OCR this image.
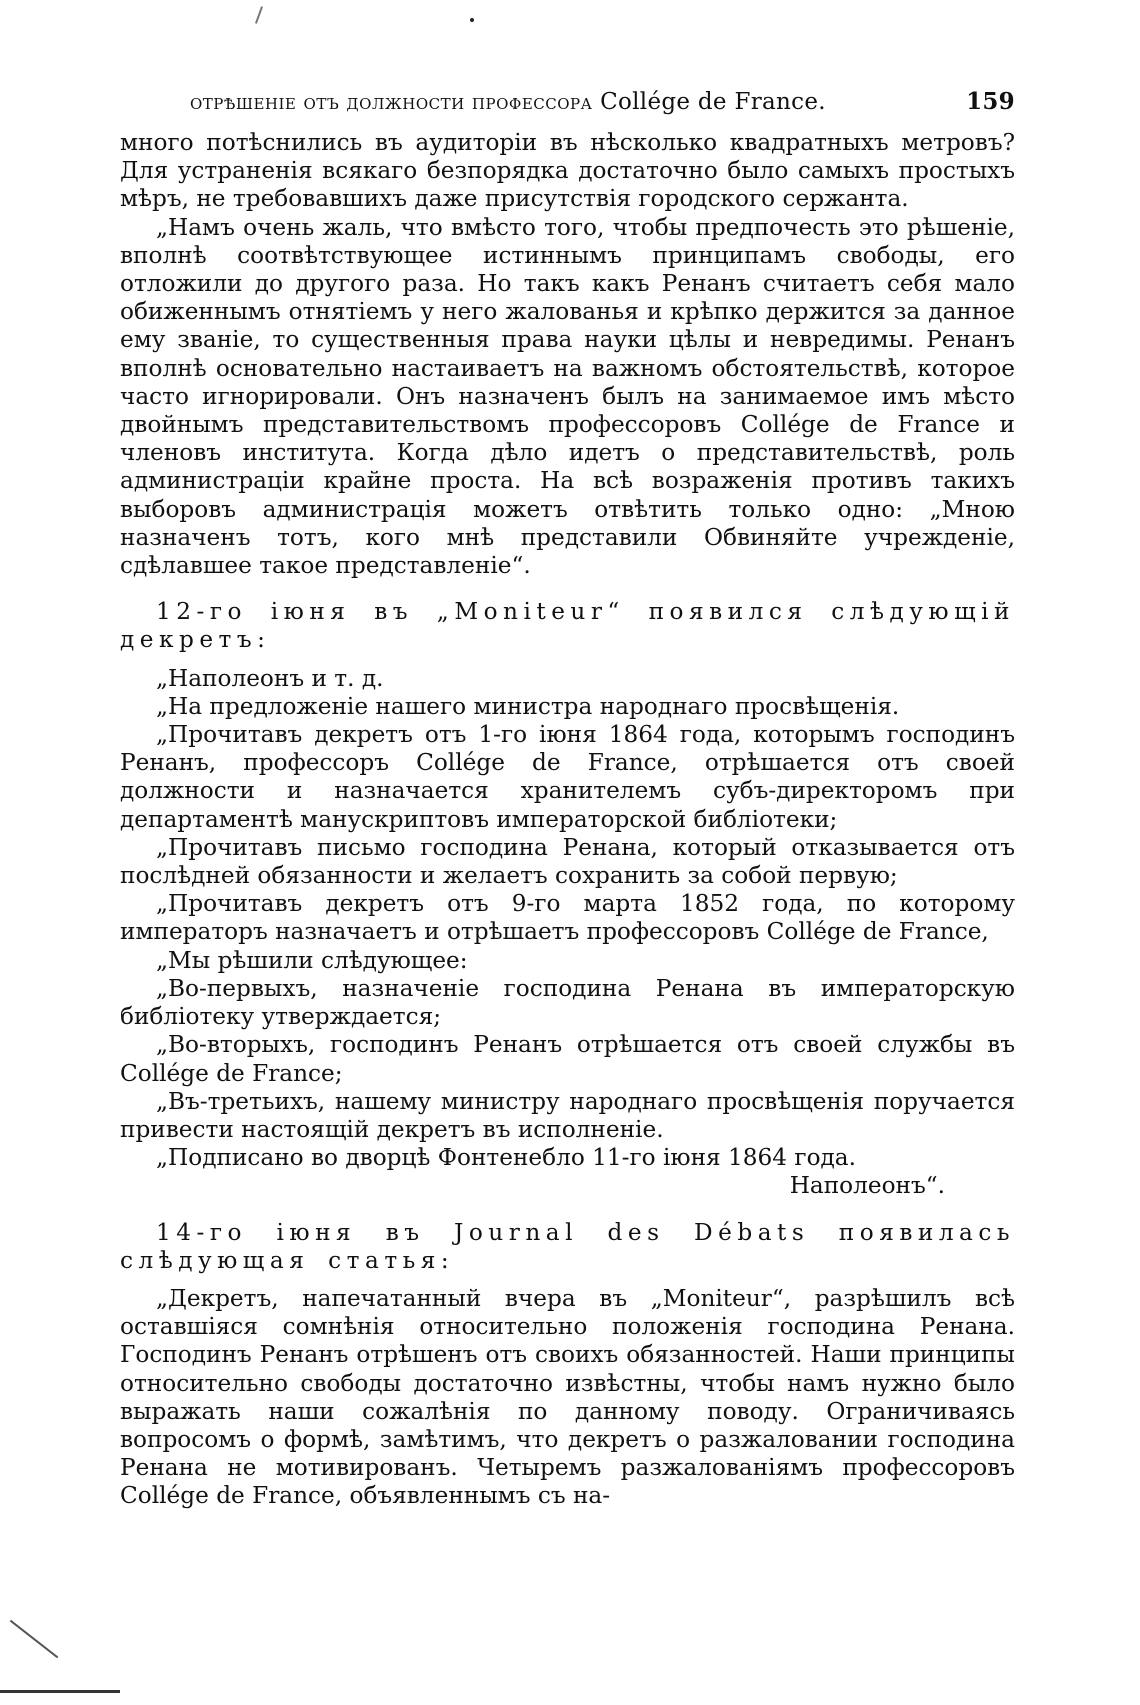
отрѣшеніе отъ должности профессора Collége de France.	159

много потѣснились въ аудиторіи въ нѣсколько квадратныхъ метровъ? Для устраненія всякаго безпорядка достаточно было самыхъ простыхъ мѣръ, не требовавшихъ даже присутствія городского сержанта.

„Намъ очень жаль, что вмѣсто того, чтобы предпочесть это рѣшеніе, вполнѣ соотвѣтствующее истиннымъ принципамъ свободы, его отложили до другого раза. Но такъ какъ Ренанъ считаетъ себя мало обиженнымъ отнятіемъ у него жалованья и крѣпко держится за данное ему званіе, то существенныя права науки цѣлы и невредимы. Ренанъ вполнѣ основательно настаиваетъ на важномъ обстоятельствѣ, которое часто игнорировали. Онъ назначенъ былъ на занимаемое имъ мѣсто двойнымъ представительствомъ профессоровъ Collége de France и членовъ института. Когда дѣло идетъ о представительствѣ, роль администраціи крайне проста. На всѣ возраженія противъ такихъ выборовъ администрація можетъ отвѣтить только одно: „Мною назначенъ тотъ, кого мнѣ представили Обвиняйте учрежденіе, сдѣлавшее такое представленіе“.

12-го іюня въ „Moniteur“ появился слѣдующій декретъ:

„Наполеонъ и т. д.

„На предложеніе нашего министра народнаго просвѣщенія.

„Прочитавъ декретъ отъ 1-го іюня 1864 года, которымъ господинъ Ренанъ, профессоръ Collége de France, отрѣшается отъ своей должности и назначается хранителемъ субъ-директоромъ при департаментѣ манускриптовъ императорской библіотеки;

„Прочитавъ письмо господина Ренана, который отказывается отъ послѣдней обязанности и желаетъ сохранить за собой первую;

„Прочитавъ декретъ отъ 9-го марта 1852 года, по которому императоръ назначаетъ и отрѣшаетъ профессоровъ Collége de France,

„Мы рѣшили слѣдующее:

„Во-первыхъ, назначеніе господина Ренана въ императорскую библіотеку утверждается;

„Во-вторыхъ, господинъ Ренанъ отрѣшается отъ своей службы въ Collége de France;

„Въ-третьихъ, нашему министру народнаго просвѣщенія поручается привести настоящій декретъ въ исполненіе.

„Подписано во дворцѣ Фонтенебло 11-го іюня 1864 года.

Наполеонъ“.

14-го іюня въ Journal des Débats появилась слѣдующая статья:

„Декретъ, напечатанный вчера въ „Moniteur“, разрѣшилъ всѣ оставшіяся сомнѣнія относительно положенія господина Ренана. Господинъ Ренанъ отрѣшенъ отъ своихъ обязанностей. Наши принципы относительно свободы достаточно извѣстны, чтобы намъ нужно было выражать наши сожалѣнія по данному поводу. Ограничиваясь вопросомъ о формѣ, замѣтимъ, что декретъ о разжаловании господина Ренана не мотивированъ. Четыремъ разжалованіямъ профессоровъ Collége de France, объявленнымъ съ на-
